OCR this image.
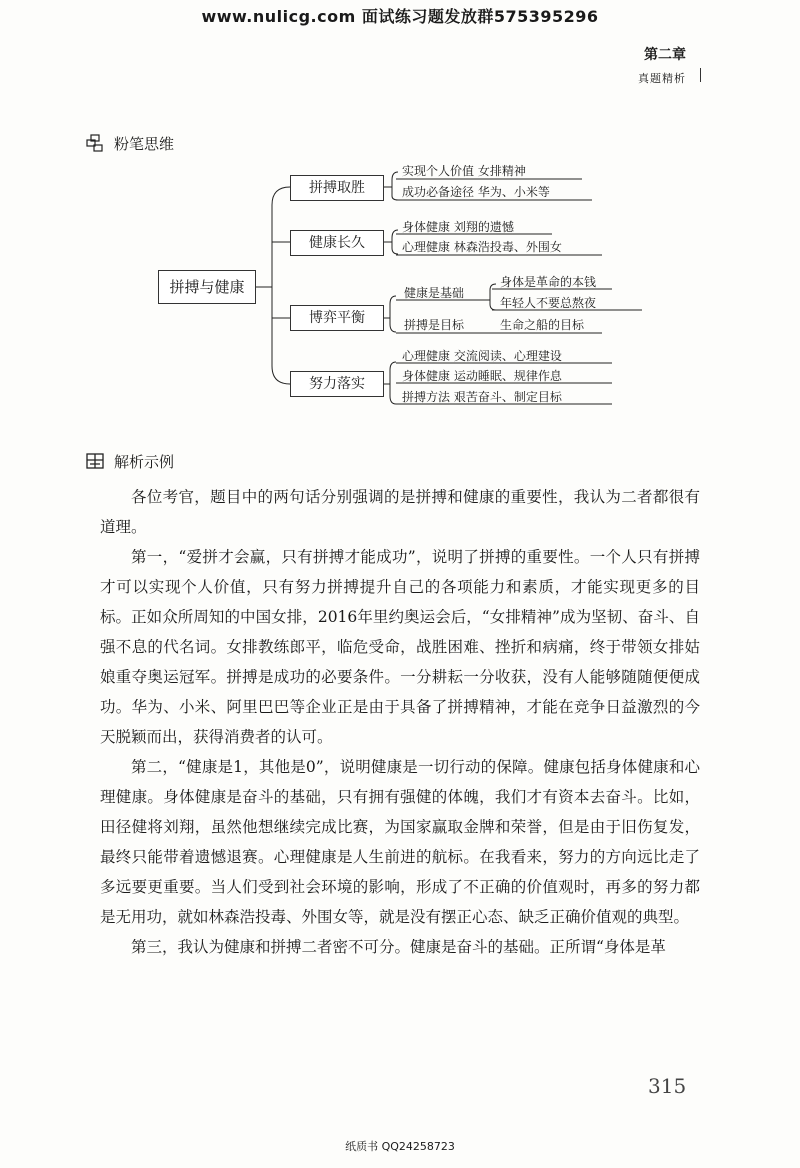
www.nulicg.com 面试练习题发放群575395296
第二章
真题精析
粉笔思维
拼搏与健康
拼搏取胜
实现个人价值 女排精神
成功必备途径 华为、小米等
健康长久
身体健康 刘翔的遗憾
心理健康 林森浩投毒、外围女
博弈平衡
健康是基础
身体是革命的本钱
年轻人不要总熬夜
拼搏是目标	生命之船的目标
努力落实
心理健康 交流阅读、心理建设
身体健康 运动睡眠、规律作息
拼搏方法 艰苦奋斗、制定目标
解析示例

各位考官，题目中的两句话分别强调的是拼搏和健康的重要性，我认为二者都很有道理。

第一，“爱拼才会赢，只有拼搏才能成功”，说明了拼搏的重要性。一个人只有拼搏才可以实现个人价值，只有努力拼搏提升自己的各项能力和素质，才能实现更多的目标。正如众所周知的中国女排，2016年里约奥运会后，“女排精神”成为坚韧、奋斗、自强不息的代名词。女排教练郎平，临危受命，战胜困难、挫折和病痛，终于带领女排姑娘重夺奥运冠军。拼搏是成功的必要条件。一分耕耘一分收获，没有人能够随随便便成功。华为、小米、阿里巴巴等企业正是由于具备了拼搏精神，才能在竞争日益激烈的今天脱颖而出，获得消费者的认可。

第二，“健康是1，其他是0”，说明健康是一切行动的保障。健康包括身体健康和心理健康。身体健康是奋斗的基础，只有拥有强健的体魄，我们才有资本去奋斗。比如，田径健将刘翔，虽然他想继续完成比赛，为国家赢取金牌和荣誉，但是由于旧伤复发，最终只能带着遗憾退赛。心理健康是人生前进的航标。在我看来，努力的方向远比走了多远要更重要。当人们受到社会环境的影响，形成了不正确的价值观时，再多的努力都是无用功，就如林森浩投毒、外围女等，就是没有摆正心态、缺乏正确价值观的典型。

第三，我认为健康和拼搏二者密不可分。健康是奋斗的基础。正所谓“身体是革

315
纸质书 QQ24258723
